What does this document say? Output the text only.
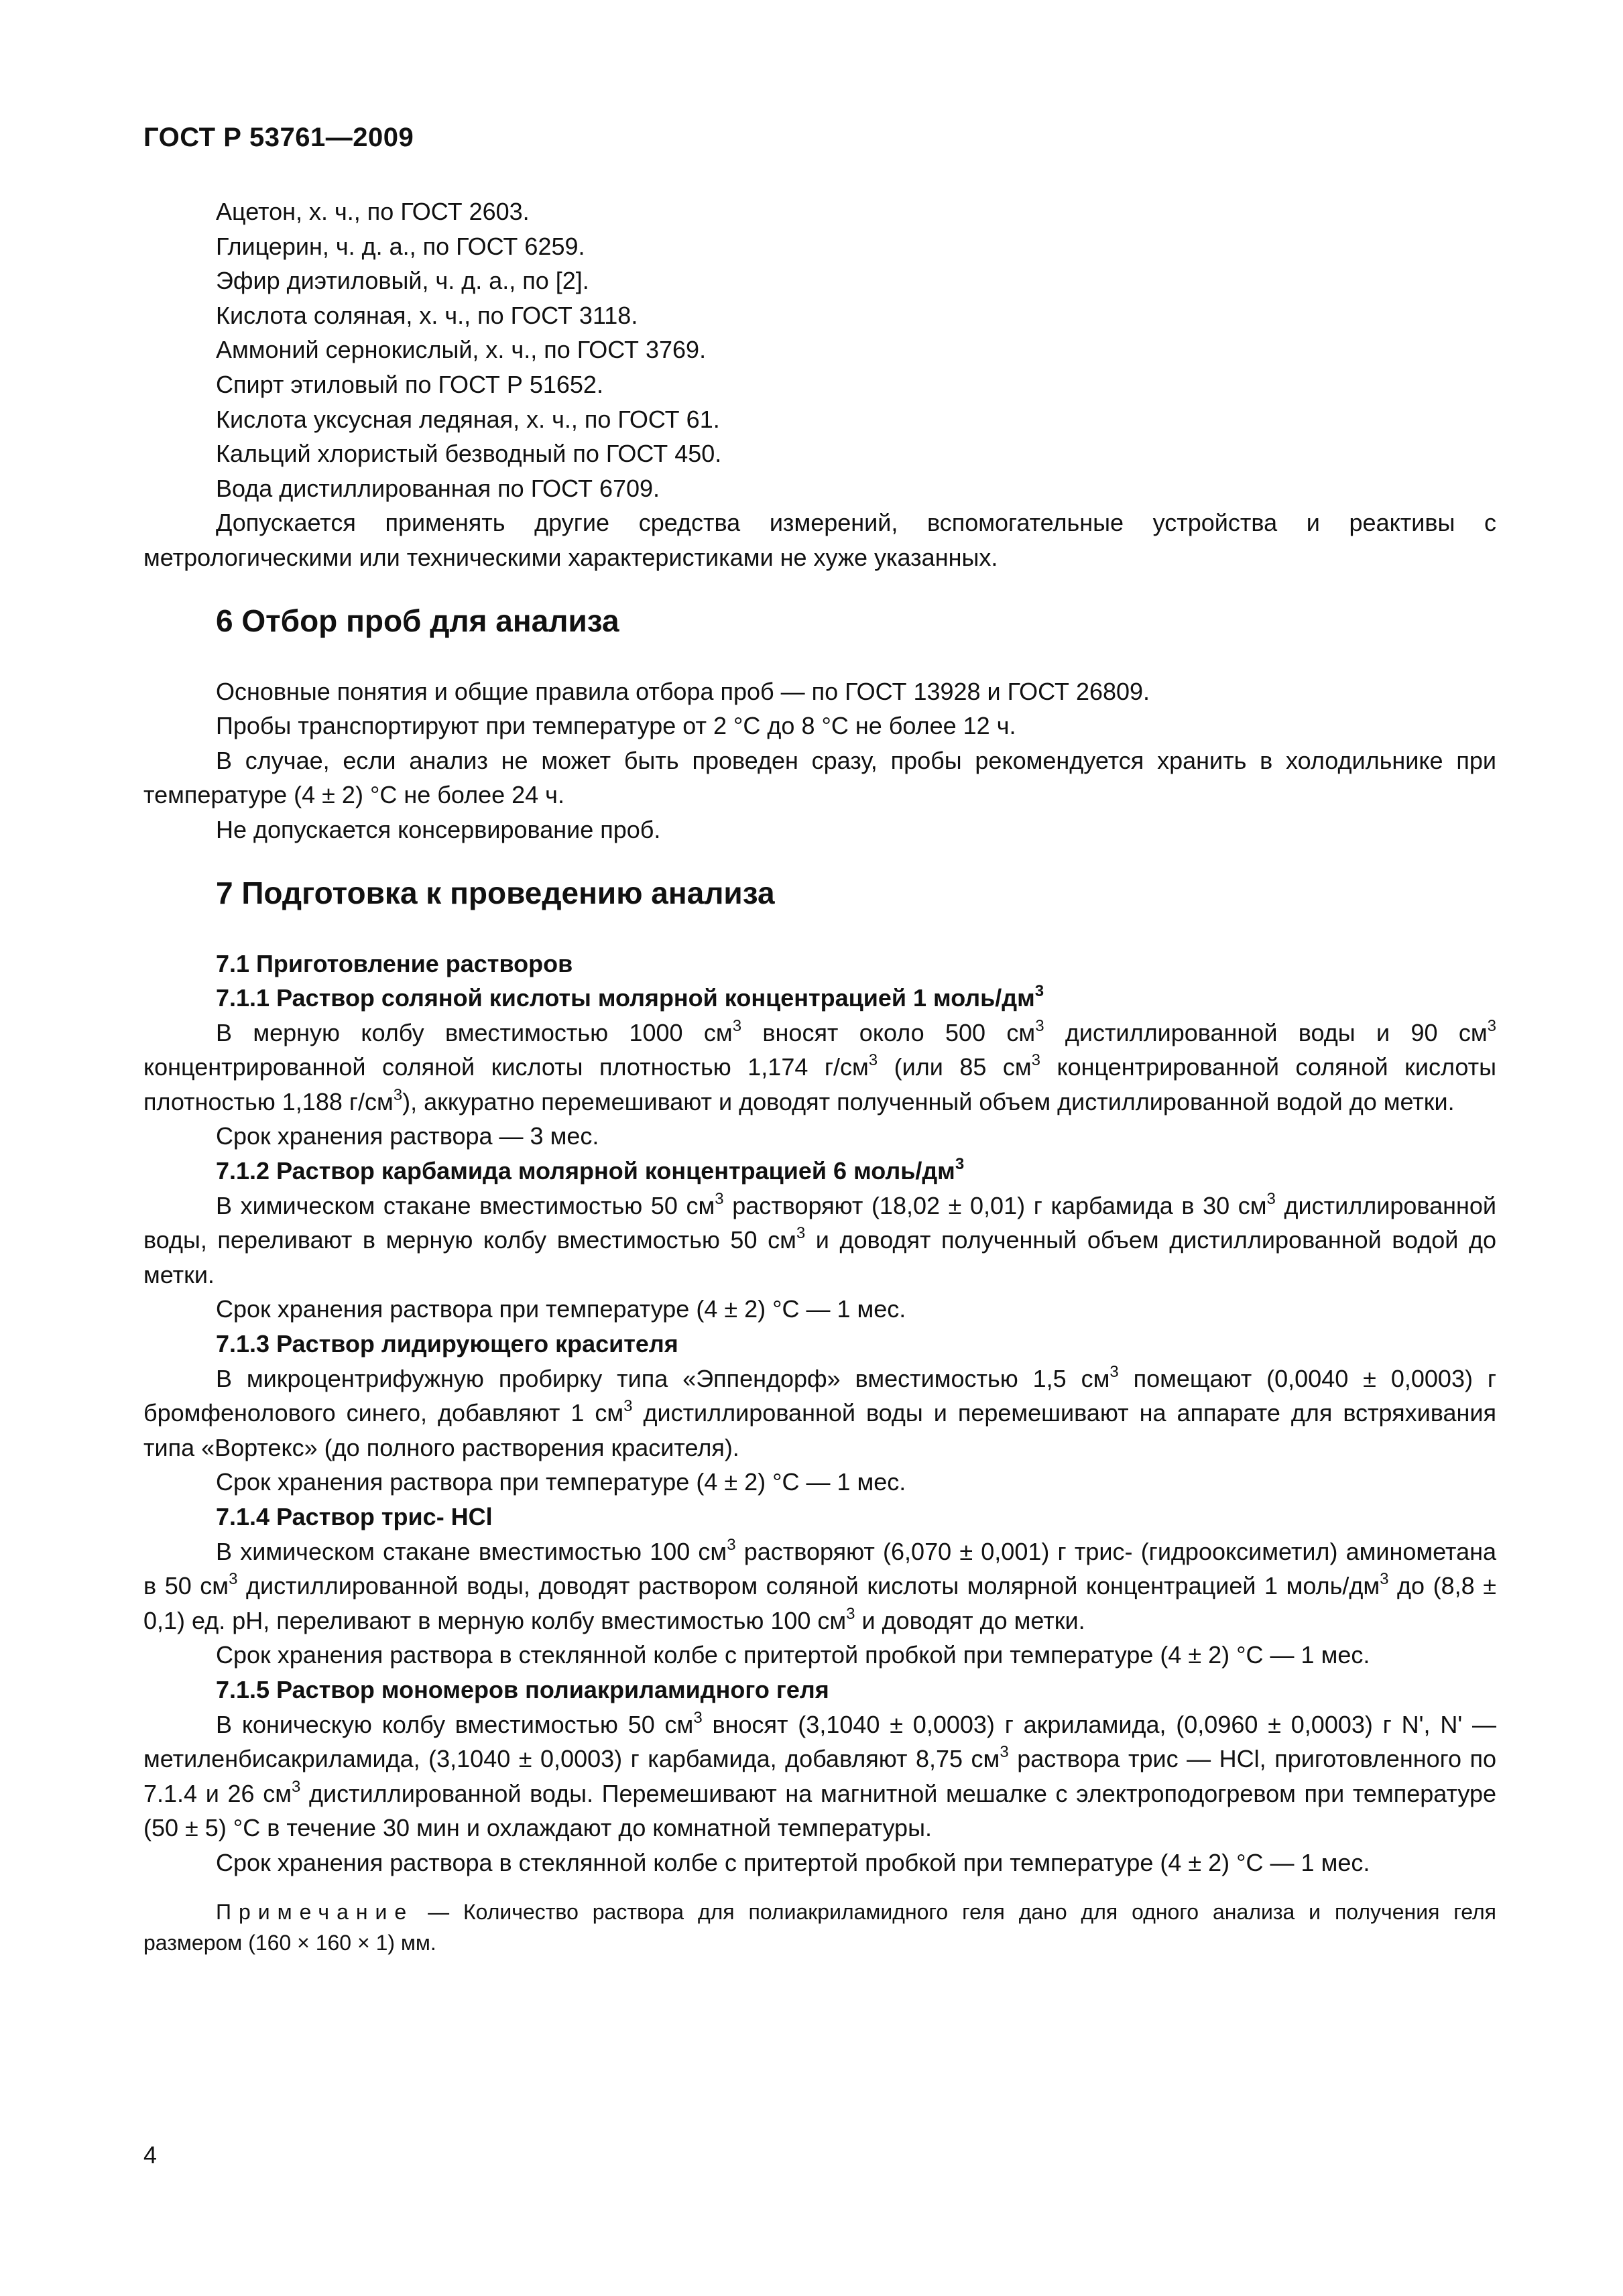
ГОСТ Р 53761—2009
Ацетон, х. ч., по ГОСТ 2603.
Глицерин, ч. д. а., по ГОСТ 6259.
Эфир диэтиловый, ч. д. а., по [2].
Кислота соляная, х. ч., по ГОСТ 3118.
Аммоний сернокислый, х. ч., по ГОСТ 3769.
Спирт этиловый по ГОСТ Р 51652.
Кислота уксусная ледяная, х. ч., по ГОСТ 61.
Кальций хлористый безводный по ГОСТ 450.
Вода дистиллированная по ГОСТ 6709.

Допускается применять другие средства измерений, вспомогательные устройства и реактивы с метрологическими или техническими характеристиками не хуже указанных.

6 Отбор проб для анализа

Основные понятия и общие правила отбора проб — по ГОСТ 13928 и ГОСТ 26809.

Пробы транспортируют при температуре от 2 °С до 8 °С не более 12 ч.

В случае, если анализ не может быть проведен сразу, пробы рекомендуется хранить в холодильнике при температуре (4 ± 2) °С не более 24 ч.

Не допускается консервирование проб.

7 Подготовка к проведению анализа
7.1 Приготовление растворов
7.1.1 Раствор соляной кислоты молярной концентрацией 1 моль/$дм^3$

В мерную колбу вместимостью 1000 $см^3$ вносят около 500 $см^3$ дистиллированной воды и 90 $см^3$ концентрированной соляной кислоты плотностью 1,174 $г/см^3$ (или 85 $см^3$ концентрированной соляной кислоты плотностью 1,188 $г/см^3$), аккуратно перемешивают и доводят полученный объем дистиллированной водой до метки.

Срок хранения раствора — 3 мес.

7.1.2 Раствор карбамида молярной концентрацией 6 моль/$дм^3$

В химическом стакане вместимостью 50 $см^3$ растворяют (18,02 ± 0,01) г карбамида в 30 $см^3$ дистиллированной воды, переливают в мерную колбу вместимостью 50 $см^3$ и доводят полученный объем дистиллированной водой до метки.

Срок хранения раствора при температуре (4 ± 2) °С — 1 мес.

7.1.3 Раствор лидирующего красителя

В микроцентрифужную пробирку типа «Эппендорф» вместимостью 1,5 $см^3$ помещают (0,0040 ± 0,0003) г бромфенолового синего, добавляют 1 $см^3$ дистиллированной воды и перемешивают на аппарате для встряхивания типа «Вортекс» (до полного растворения красителя).

Срок хранения раствора при температуре (4 ± 2) °С — 1 мес.

7.1.4 Раствор трис- HCl

В химическом стакане вместимостью 100 $см^3$ растворяют (6,070 ± 0,001) г трис- (гидрооксиметил) аминометана в 50 $см^3$ дистиллированной воды, доводят раствором соляной кислоты молярной концентрацией 1 моль/$дм^3$ до (8,8 ± 0,1) ед. рН, переливают в мерную колбу вместимостью 100 $см^3$ и доводят до метки.

Срок хранения раствора в стеклянной колбе с притертой пробкой при температуре (4 ± 2) °С — 1 мес.

7.1.5 Раствор мономеров полиакриламидного геля

В коническую колбу вместимостью 50 $см^3$ вносят (3,1040 ± 0,0003) г акриламида, (0,0960 ± 0,0003) г N', N' — метиленбисакриламида, (3,1040 ± 0,0003) г карбамида, добавляют 8,75 $см^3$ раствора трис — HCl, приготовленного по 7.1.4 и 26 $см^3$ дистиллированной воды. Перемешивают на магнитной мешалке с электроподогревом при температуре (50 ± 5) °С в течение 30 мин и охлаждают до комнатной температуры.

Срок хранения раствора в стеклянной колбе с притертой пробкой при температуре (4 ± 2) °С — 1 мес.

Примечание — Количество раствора для полиакриламидного геля дано для одного анализа и получения геля размером (160 × 160 × 1) мм.

4
